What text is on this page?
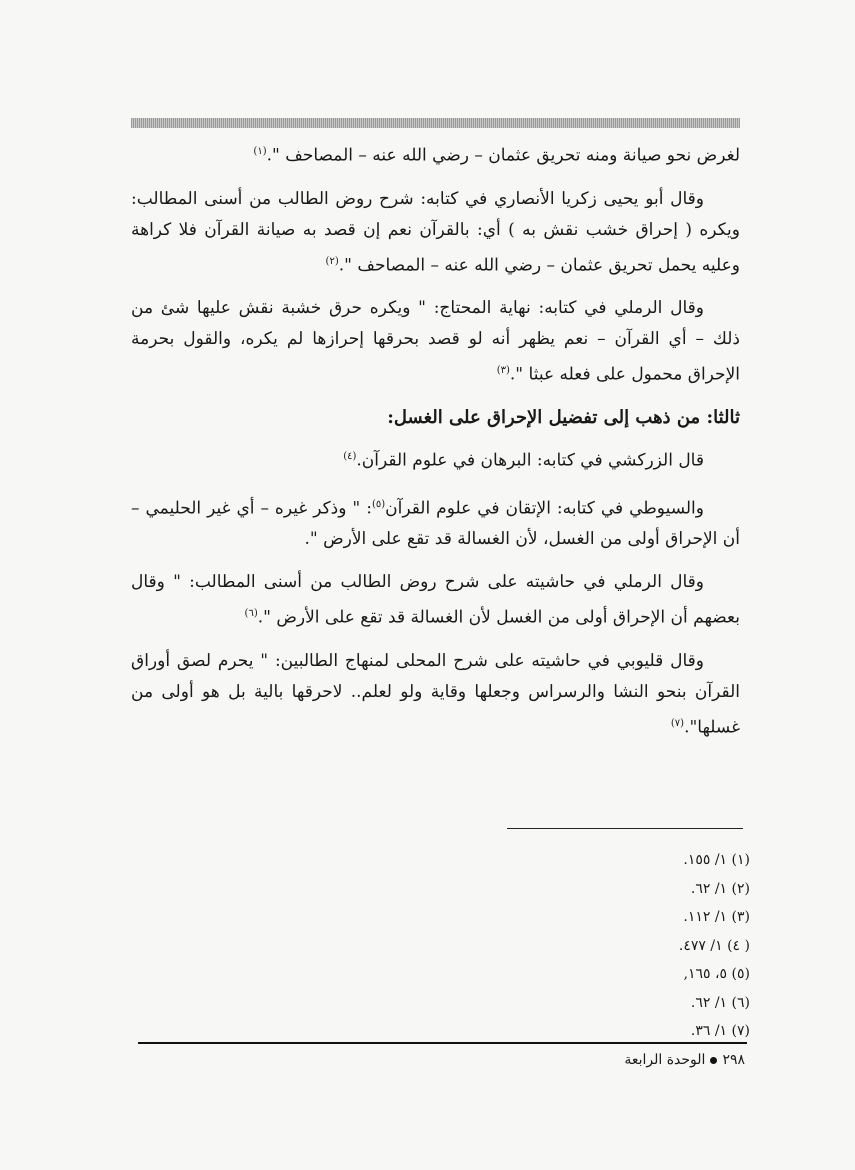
لغرض نحو صيانة ومنه تحريق عثمان – رضي الله عنه – المصاحف ".$^{(١)}$

وقال أبو يحيى زكريا الأنصاري في كتابه: شرح روض الطالب من أسنى المطالب: ويكره ( إحراق خشب نقش به ) أي: بالقرآن نعم إن قصد به صيانة القرآن فلا كراهة وعليه يحمل تحريق عثمان – رضي الله عنه – المصاحف ".$^{(٢)}$

وقال الرملي في كتابه: نهاية المحتاج: " ويكره حرق خشبة نقش عليها شئ من ذلك – أي القرآن – نعم يظهر أنه لو قصد بحرقها إحرازها لم يكره، والقول بحرمة الإحراق محمول على فعله عبثا ".$^{(٣)}$

ثالثا: من ذهب إلى تفضيل الإحراق على الغسل:

قال الزركشي في كتابه: البرهان في علوم القرآن.$^{(٤)}$

والسيوطي في كتابه: الإتقان في علوم القرآن$^{(٥)}$: " وذكر غيره – أي غير الحليمي – أن الإحراق أولى من الغسل، لأن الغسالة قد تقع على الأرض ".

وقال الرملي في حاشيته على شرح روض الطالب من أسنى المطالب: " وقال بعضهم أن الإحراق أولى من الغسل لأن الغسالة قد تقع على الأرض ".$^{(٦)}$

وقال قليوبي في حاشيته على شرح المحلى لمنهاج الطالبين: " يحرم لصق أوراق القرآن بنحو النشا والرسراس وجعلها وقاية ولو لعلم.. لاحرقها بالية بل هو أولى من غسلها".$^{(٧)}$

(١) ١/ ١٥٥.
(٢) ١/ ٦٢.
(٣) ١/ ١١٢.
( ٤) ١/ ٤٧٧.
(٥) ٥، ١٦٥,
(٦) ١/ ٦٢.
(٧) ١/ ٣٦.
٢٩٨الوحدة الرابعة
